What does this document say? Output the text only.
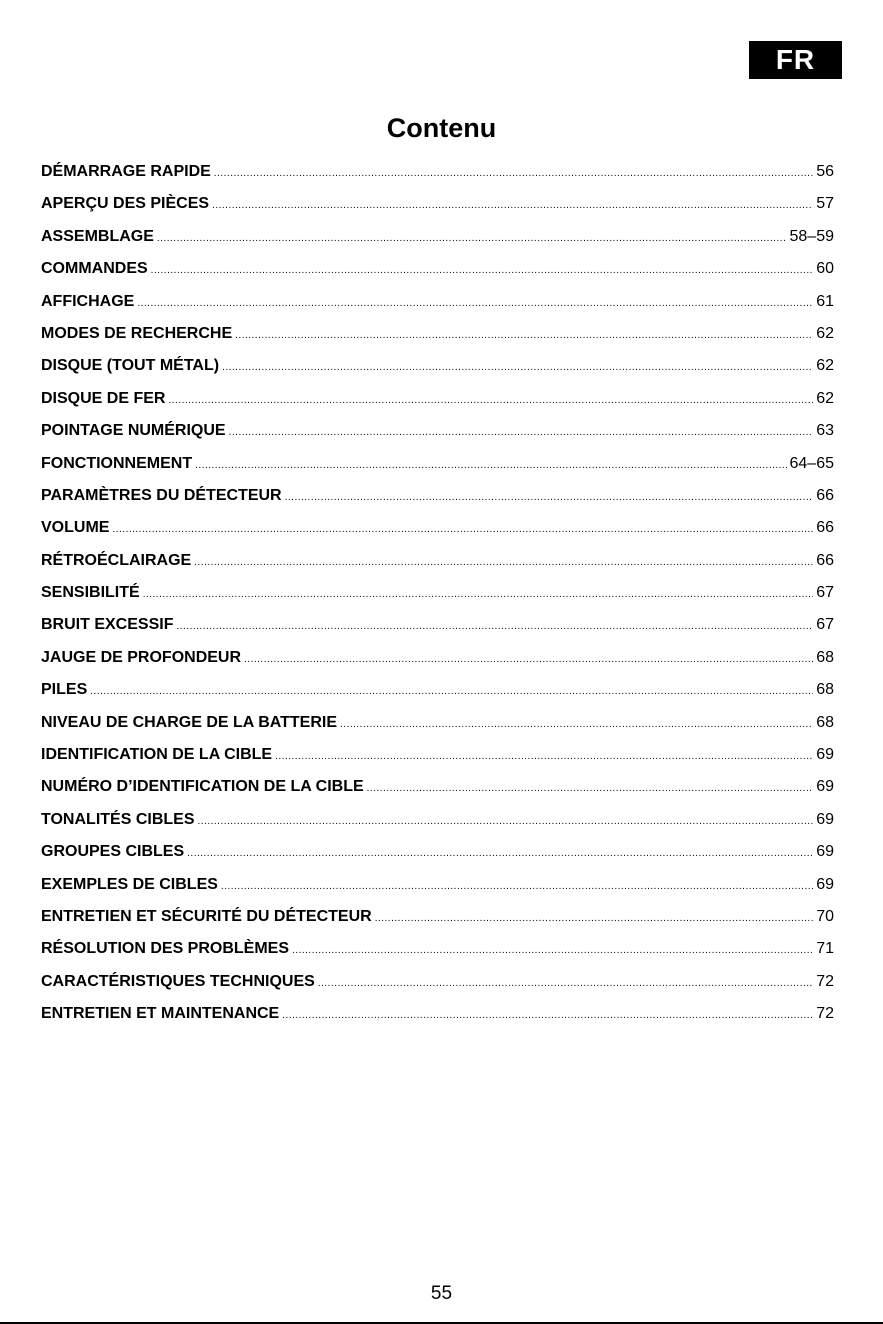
FR
Contenu
DÉMARRAGE RAPIDE .....	56
APERÇU DES PIÈCES .....	57
ASSEMBLAGE .....	58–59
COMMANDES .....	60
AFFICHAGE .....	61
MODES DE RECHERCHE .....	62
DISQUE (TOUT MÉTAL) .....	62
DISQUE DE FER .....	62
POINTAGE NUMÉRIQUE .....	63
FONCTIONNEMENT .....	64–65
PARAMÈTRES DU DÉTECTEUR .....	66
VOLUME .....	66
RÉTROÉCLAIRAGE .....	66
SENSIBILITÉ .....	67
BRUIT EXCESSIF .....	67
JAUGE DE PROFONDEUR .....	68
PILES .....	68
NIVEAU DE CHARGE DE LA BATTERIE .....	68
IDENTIFICATION DE LA CIBLE .....	69
NUMÉRO D’IDENTIFICATION DE LA CIBLE .....	69
TONALITÉS CIBLES .....	69
GROUPES CIBLES .....	69
EXEMPLES DE CIBLES .....	69
ENTRETIEN ET SÉCURITÉ DU DÉTECTEUR .....	70
RÉSOLUTION DES PROBLÈMES .....	71
CARACTÉRISTIQUES TECHNIQUES .....	72
ENTRETIEN ET MAINTENANCE .....	72
55
